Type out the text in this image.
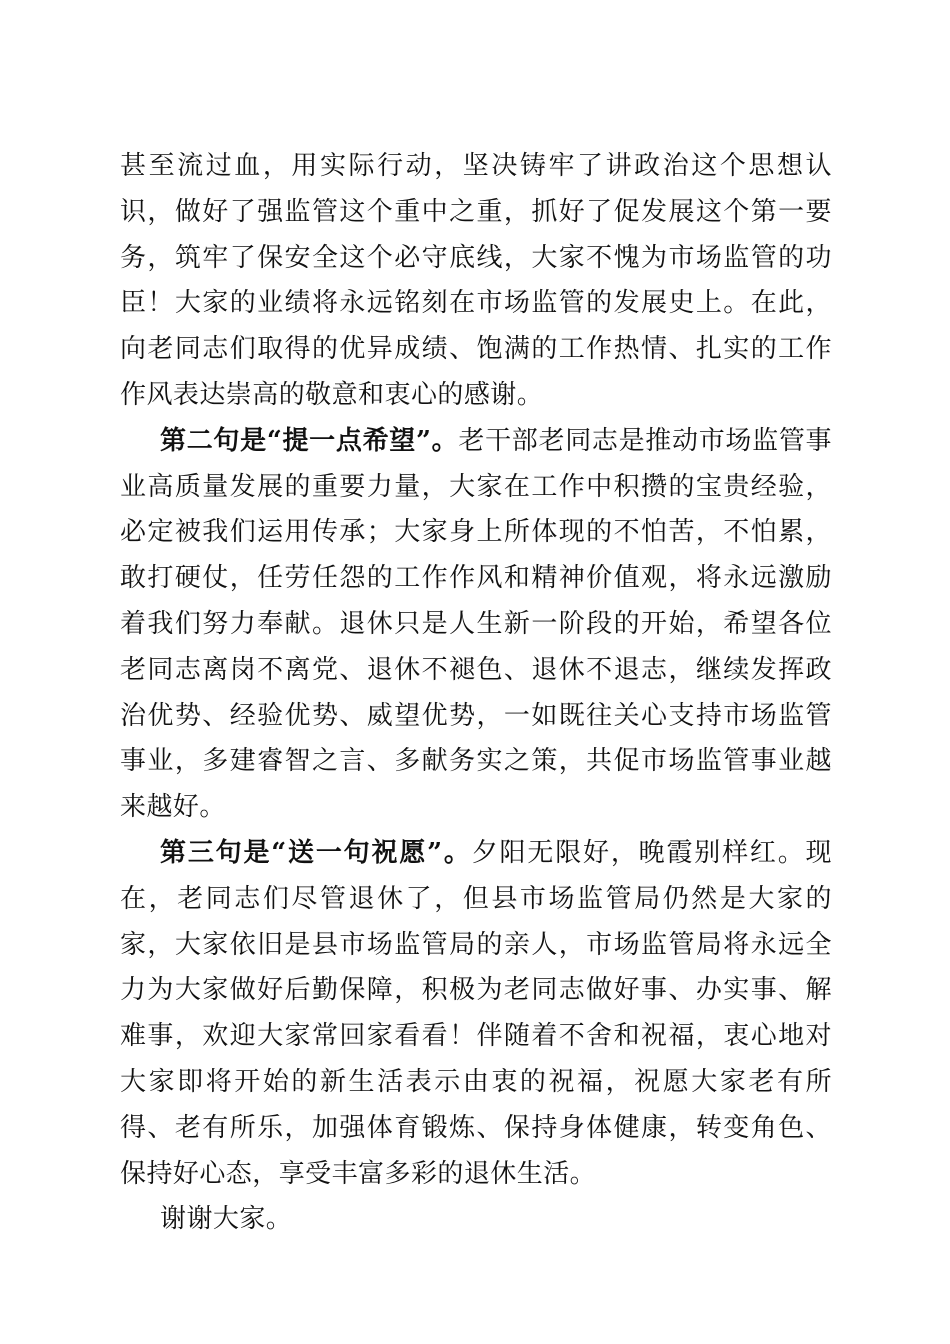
甚至流过血，用实际行动，坚决铸牢了讲政治这个思想认识，做好了强监管这个重中之重，抓好了促发展这个第一要务，筑牢了保安全这个必守底线，大家不愧为市场监管的功臣！大家的业绩将永远铭刻在市场监管的发展史上。在此，向老同志们取得的优异成绩、饱满的工作热情、扎实的工作作风表达崇高的敬意和衷心的感谢。

第二句是“提一点希望”。老干部老同志是推动市场监管事业高质量发展的重要力量，大家在工作中积攒的宝贵经验，必定被我们运用传承；大家身上所体现的不怕苦，不怕累，敢打硬仗，任劳任怨的工作作风和精神价值观，将永远激励着我们努力奉献。退休只是人生新一阶段的开始，希望各位老同志离岗不离党、退休不褪色、退休不退志，继续发挥政治优势、经验优势、威望优势，一如既往关心支持市场监管事业，多建睿智之言、多献务实之策，共促市场监管事业越来越好。

第三句是“送一句祝愿”。夕阳无限好，晚霞别样红。现在，老同志们尽管退休了，但县市场监管局仍然是大家的家，大家依旧是县市场监管局的亲人，市场监管局将永远全力为大家做好后勤保障，积极为老同志做好事、办实事、解难事，欢迎大家常回家看看！伴随着不舍和祝福，衷心地对大家即将开始的新生活表示由衷的祝福，祝愿大家老有所得、老有所乐，加强体育锻炼、保持身体健康，转变角色、保持好心态，享受丰富多彩的退休生活。

谢谢大家。
